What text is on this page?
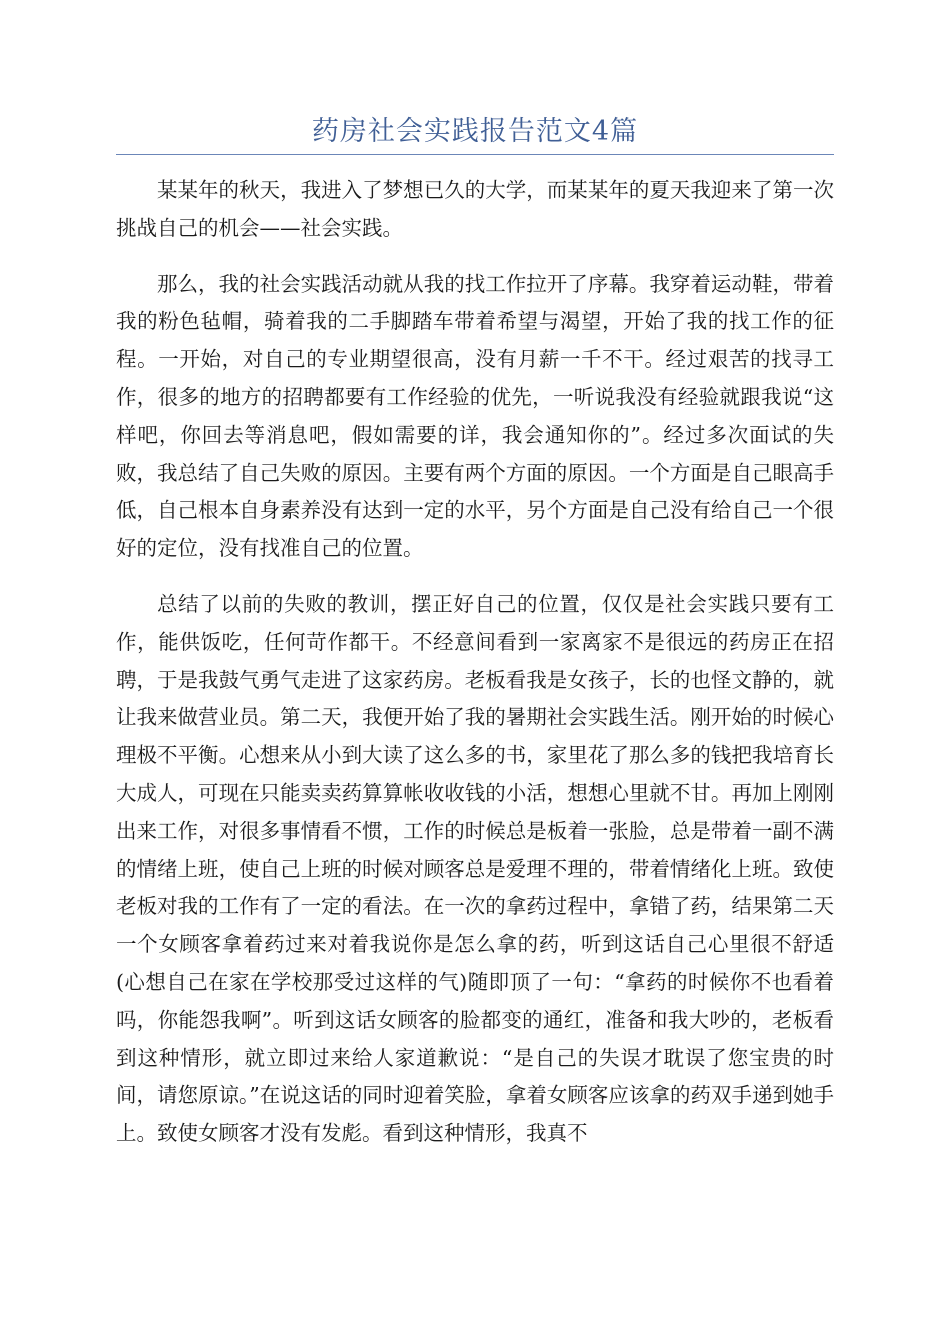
药房社会实践报告范文4篇

某某年的秋天，我进入了梦想已久的大学，而某某年的夏天我迎来了第一次挑战自己的机会——社会实践。

那么，我的社会实践活动就从我的找工作拉开了序幕。我穿着运动鞋，带着我的粉色毡帽，骑着我的二手脚踏车带着希望与渴望，开始了我的找工作的征程。一开始，对自己的专业期望很高，没有月薪一千不干。经过艰苦的找寻工作，很多的地方的招聘都要有工作经验的优先，一听说我没有经验就跟我说“这样吧，你回去等消息吧，假如需要的详，我会通知你的”。经过多次面试的失败，我总结了自己失败的原因。主要有两个方面的原因。一个方面是自己眼高手低，自己根本自身素养没有达到一定的水平，另个方面是自己没有给自己一个很好的定位，没有找准自己的位置。

总结了以前的失败的教训，摆正好自己的位置，仅仅是社会实践只要有工作，能供饭吃，任何苛作都干。不经意间看到一家离家不是很远的药房正在招聘，于是我鼓气勇气走进了这家药房。老板看我是女孩子，长的也怪文静的，就让我来做营业员。第二天，我便开始了我的暑期社会实践生活。刚开始的时候心理极不平衡。心想来从小到大读了这么多的书，家里花了那么多的钱把我培育长大成人，可现在只能卖卖药算算帐收收钱的小活，想想心里就不甘。再加上刚刚出来工作，对很多事情看不惯，工作的时候总是板着一张脸，总是带着一副不满的情绪上班，使自己上班的时候对顾客总是爱理不理的，带着情绪化上班。致使老板对我的工作有了一定的看法。在一次的拿药过程中，拿错了药，结果第二天一个女顾客拿着药过来对着我说你是怎么拿的药，听到这话自己心里很不舒适(心想自己在家在学校那受过这样的气)随即顶了一句：“拿药的时候你不也看着吗，你能怨我啊”。听到这话女顾客的脸都变的通红，准备和我大吵的，老板看到这种情形，就立即过来给人家道歉说：“是自己的失误才耽误了您宝贵的时间，请您原谅。”在说这话的同时迎着笑脸，拿着女顾客应该拿的药双手递到她手上。致使女顾客才没有发彪。看到这种情形，我真不
